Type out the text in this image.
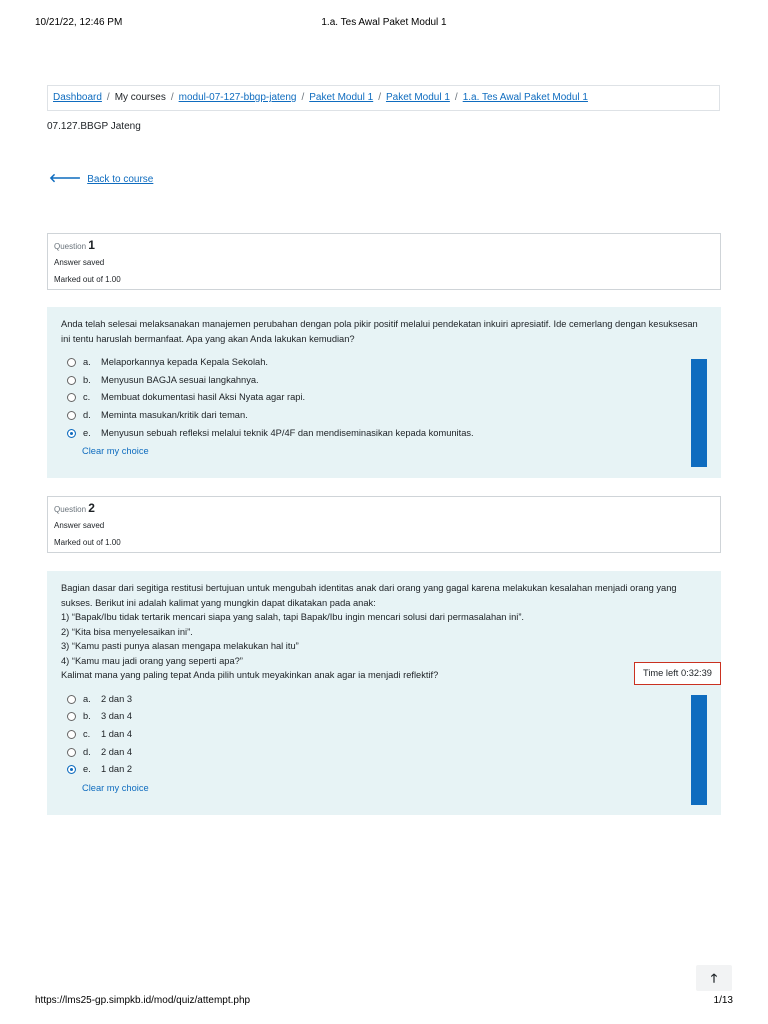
10/21/22, 12:46 PM	1.a. Tes Awal Paket Modul 1
Dashboard / My courses / modul-07-127-bbgp-jateng / Paket Modul 1 / Paket Modul 1 / 1.a. Tes Awal Paket Modul 1
07.127.BBGP Jateng
🡐 Back to course
Question 1
Answer saved
Marked out of 1.00

Anda telah selesai melaksanakan manajemen perubahan dengan pola pikir positif melalui pendekatan inkuiri apresiatif. Ide cemerlang dengan kesuksesan ini tentu haruslah bermanfaat. Apa yang akan Anda lakukan kemudian?

a. Melaporkannya kepada Kepala Sekolah.
b. Menyusun BAGJA sesuai langkahnya.
c. Membuat dokumentasi hasil Aksi Nyata agar rapi.
d. Meminta masukan/kritik dari teman.
e. Menyusun sebuah refleksi melalui teknik 4P/4F dan mendiseminasikan kepada komunitas.
Clear my choice
Question 2
Answer saved
Marked out of 1.00

Bagian dasar dari segitiga restitusi bertujuan untuk mengubah identitas anak dari orang yang gagal karena melakukan kesalahan menjadi orang yang sukses. Berikut ini adalah kalimat yang mungkin dapat dikatakan pada anak:

1) “Bapak/Ibu tidak tertarik mencari siapa yang salah, tapi Bapak/Ibu ingin mencari solusi dari permasalahan ini”.

2) “Kita bisa menyelesaikan ini”.

3) “Kamu pasti punya alasan mengapa melakukan hal itu”

4) “Kamu mau jadi orang yang seperti apa?”

Kalimat mana yang paling tepat Anda pilih untuk meyakinkan anak agar ia menjadi reflektif?

a. 2 dan 3
b. 3 dan 4
c. 1 dan 4
d. 2 dan 4
e. 1 dan 2
Clear my choice
Time left 0:32:39
🡑
https://lms25-gp.simpkb.id/mod/quiz/attempt.php	1/13
